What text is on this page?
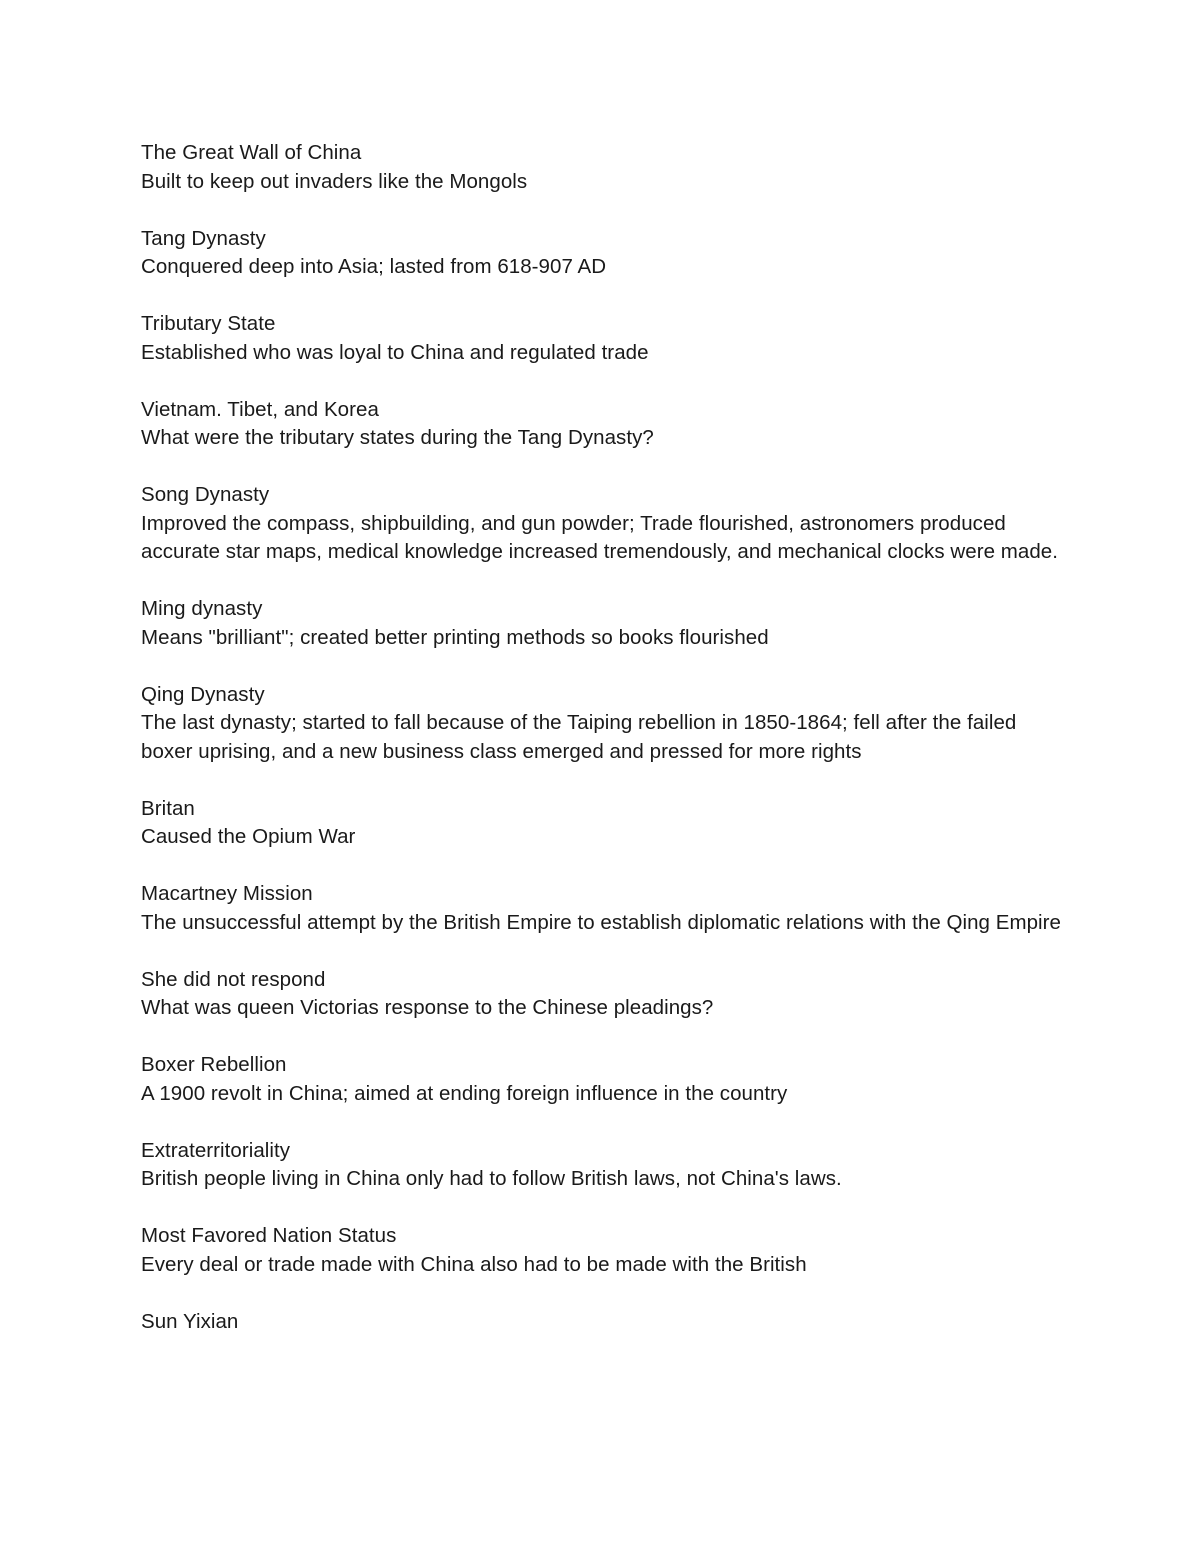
The Great Wall of China
Built to keep out invaders like the Mongols
Tang Dynasty
Conquered deep into Asia; lasted from 618-907 AD
Tributary State
Established who was loyal to China and regulated trade
Vietnam. Tibet, and Korea
What were the tributary states during the Tang Dynasty?
Song Dynasty
Improved the compass, shipbuilding, and gun powder; Trade flourished, astronomers produced accurate star maps, medical knowledge increased tremendously, and mechanical clocks were made.
Ming dynasty
Means "brilliant"; created better printing methods so books flourished
Qing Dynasty
The last dynasty; started to fall because of the Taiping rebellion in 1850-1864; fell after the failed boxer uprising, and a new business class emerged and pressed for more rights
Britan
Caused the Opium War
Macartney Mission
The unsuccessful attempt by the British Empire to establish diplomatic relations with the Qing Empire
She did not respond
What was queen Victorias response to the Chinese pleadings?
Boxer Rebellion
A 1900 revolt in China; aimed at ending foreign influence in the country
Extraterritoriality
British people living in China only had to follow British laws, not China's laws.
Most Favored Nation Status
Every deal or trade made with China also had to be made with the British
Sun Yixian
